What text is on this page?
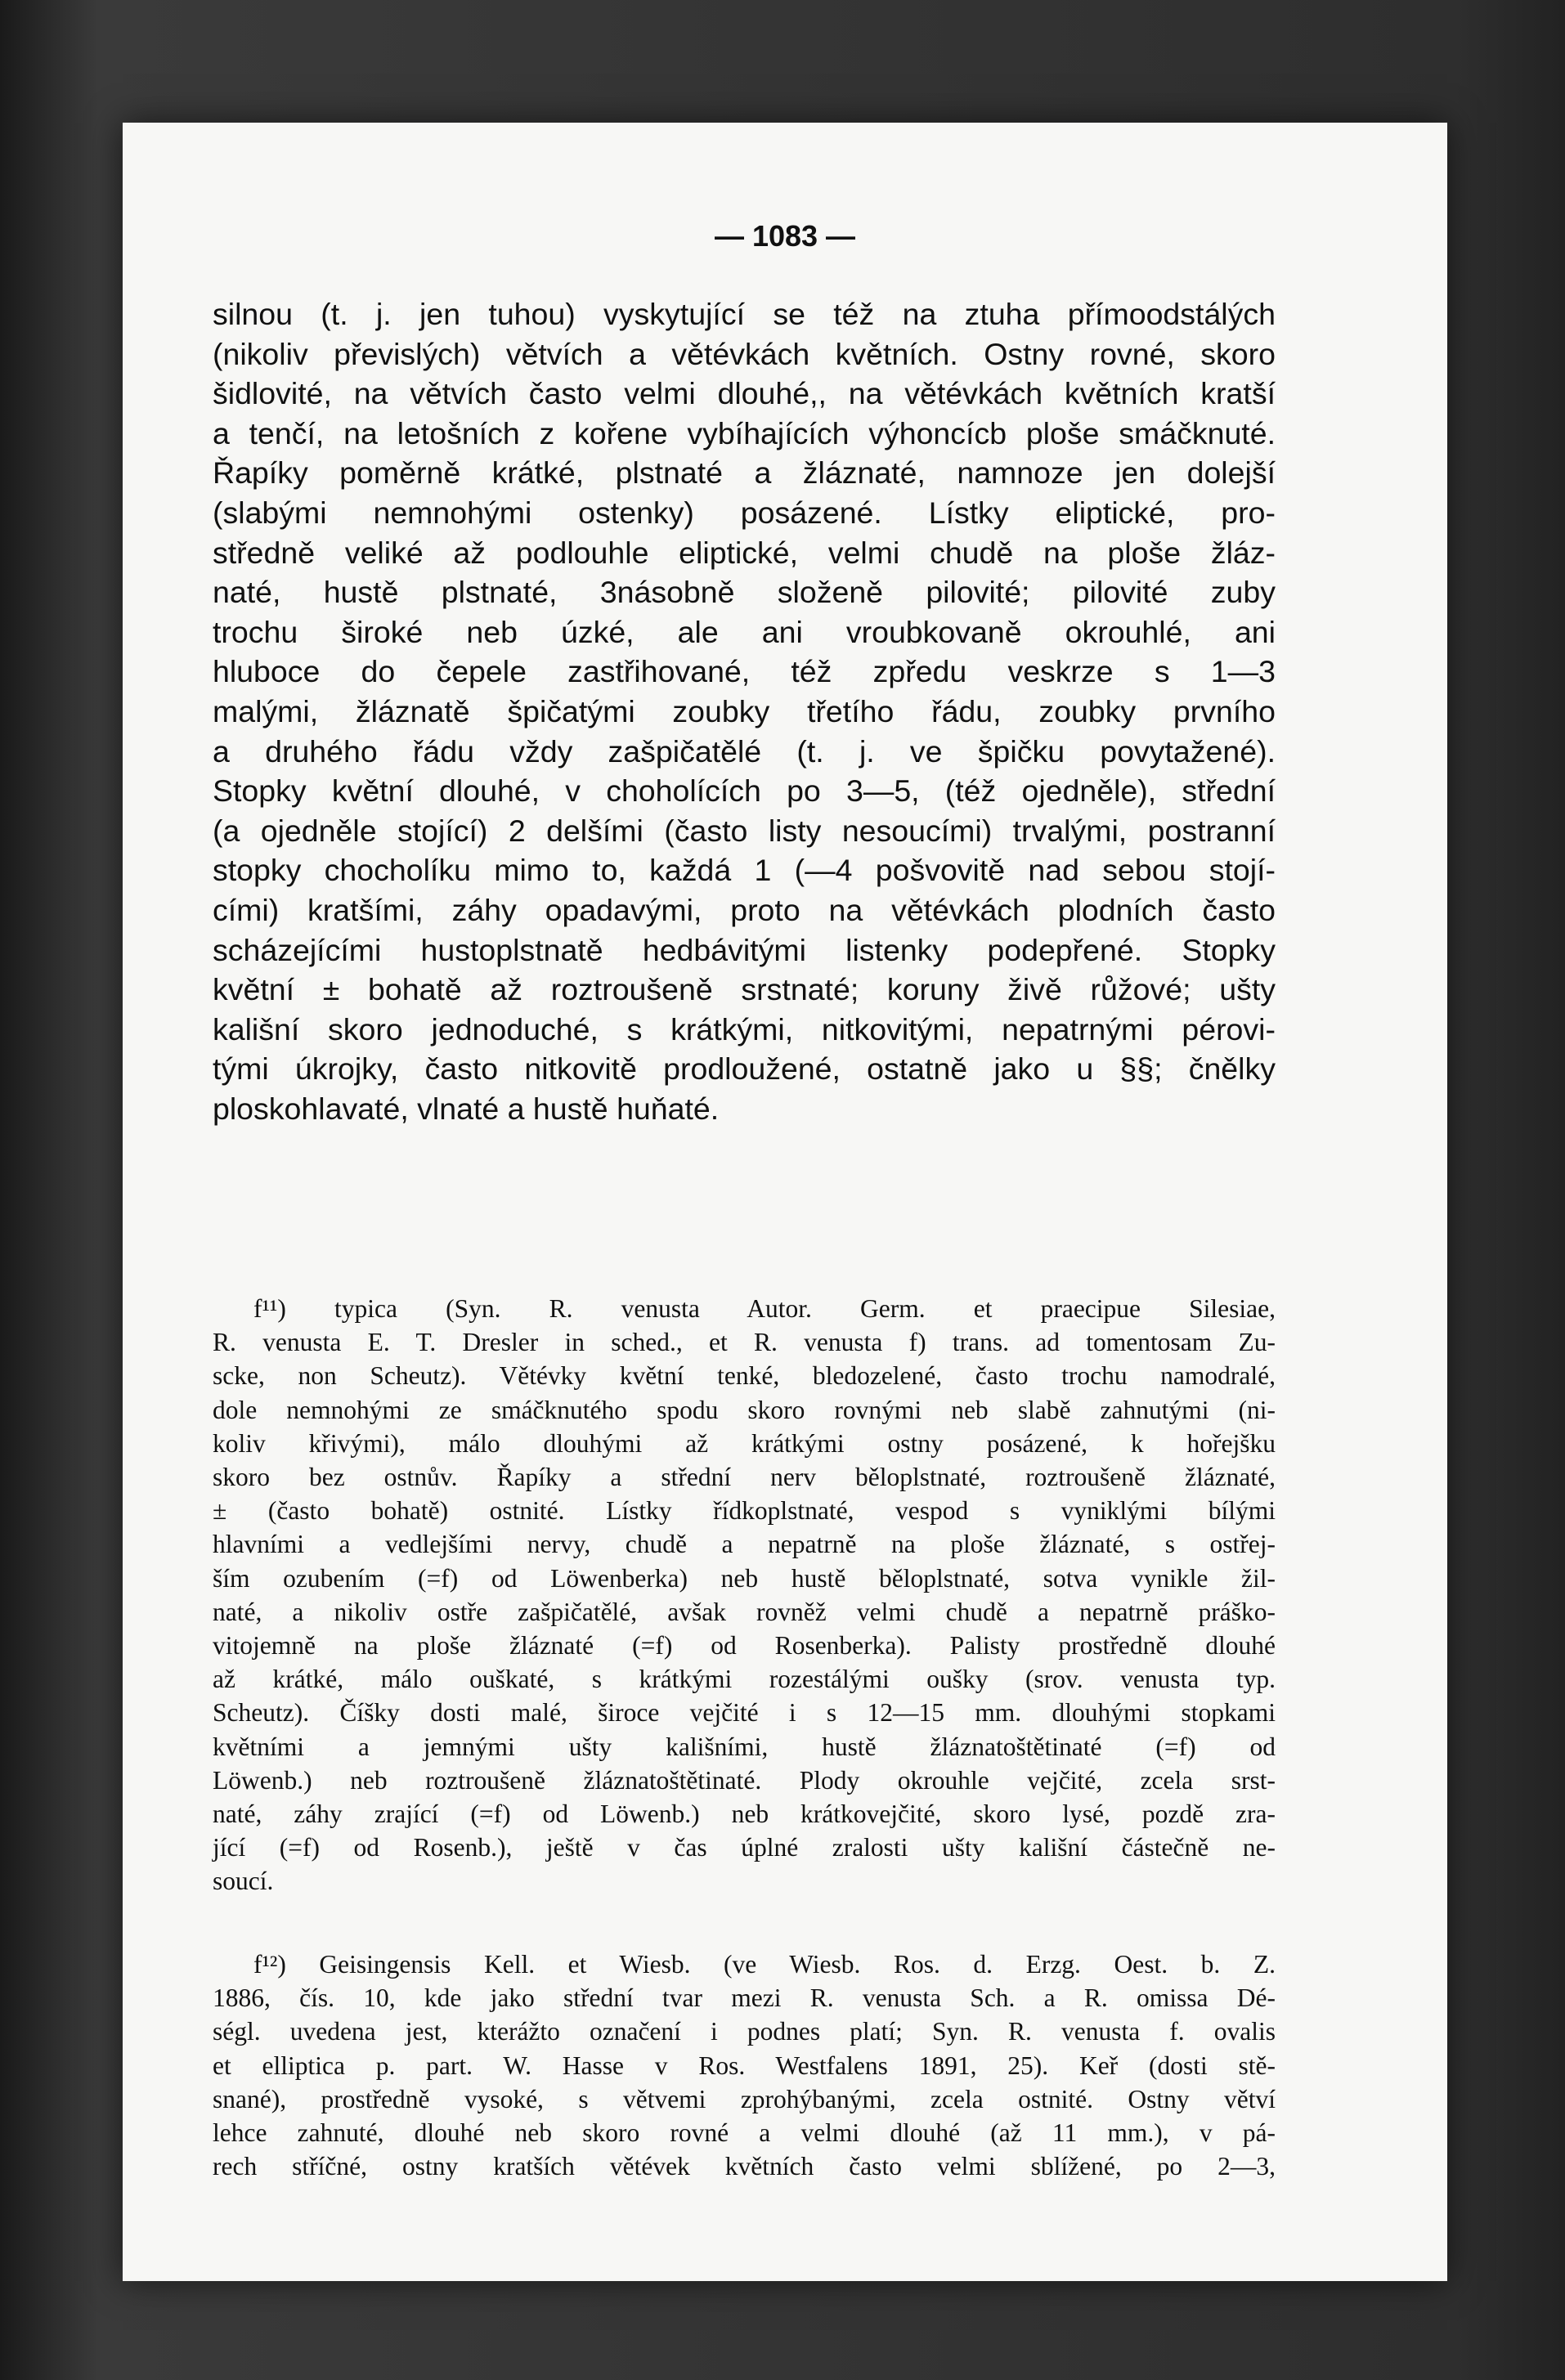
— 1083 —
silnou (t. j. jen tuhou) vyskytující se též na ztuha přímoodstálých
(nikoliv převislých) větvích a větévkách květních. Ostny rovné, skoro
šidlovité, na větvích často velmi dlouhé,, na větévkách květních kratší
a tenčí, na letošních z kořene vybíhajících výhoncícb ploše smáčknuté.
Řapíky poměrně krátké, plstnaté a žláznaté, namnoze jen dolejší
(slabými nemnohými ostenky) posázené. Lístky eliptické, pro-
středně veliké až podlouhle eliptické, velmi chudě na ploše žláz-
naté, hustě plstnaté, 3násobně složeně pilovité; pilovité zuby
trochu široké neb úzké, ale ani vroubkovaně okrouhlé, ani
hluboce do čepele zastřihované, též zpředu veskrze s 1—3
malými, žláznatě špičatými zoubky třetího řádu, zoubky prvního
a druhého řádu vždy zašpičatělé (t. j. ve špičku povytažené).
Stopky květní dlouhé, v choholících po 3—5, (též ojedněle), střední
(a ojedněle stojící) 2 delšími (často listy nesoucími) trvalými, postranní
stopky chocholíku mimo to, každá 1 (—4 pošvovitě nad sebou stojí-
cími) kratšími, záhy opadavými, proto na větévkách plodních často
scházejícími hustoplstnatě hedbávitými listenky podepřené. Stopky
květní ± bohatě až roztroušeně srstnaté; koruny živě růžové; ušty
kališní skoro jednoduché, s krátkými, nitkovitými, nepatrnými pérovi-
tými úkrojky, často nitkovitě prodloužené, ostatně jako u §§; čnělky
ploskohlavaté, vlnaté a hustě huňaté.
f¹¹) typica (Syn. R. venusta Autor. Germ. et praecipue Silesiae,
R. venusta E. T. Dresler in sched., et R. venusta f) trans. ad tomentosam Zu-
scke, non Scheutz). Větévky květní tenké, bledozelené, často trochu namodralé,
dole nemnohými ze smáčknutého spodu skoro rovnými neb slabě zahnutými (ni-
koliv křivými), málo dlouhými až krátkými ostny posázené, k hořejšku
skoro bez ostnův. Řapíky a střední nerv běloplstnaté, roztroušeně žláznaté,
± (často bohatě) ostnité. Lístky řídkoplstnaté, vespod s vyniklými bílými
hlavními a vedlejšími nervy, chudě a nepatrně na ploše žláznaté, s ostřej-
ším ozubením (=f) od Löwenberka) neb hustě běloplstnaté, sotva vynikle žil-
naté, a nikoliv ostře zašpičatělé, avšak rovněž velmi chudě a nepatrně práško-
vitojemně na ploše žláznaté (=f) od Rosenberka). Palisty prostředně dlouhé
až krátké, málo ouškaté, s krátkými rozestálými oušky (srov. venusta typ.
Scheutz). Číšky dosti malé, široce vejčité i s 12—15 mm. dlouhými stopkami
květními a jemnými ušty kališními, hustě žláznatoštětinaté (=f) od
Löwenb.) neb roztroušeně žláznatoštětinaté. Plody okrouhle vejčité, zcela srst-
naté, záhy zrající (=f) od Löwenb.) neb krátkovejčité, skoro lysé, pozdě zra-
jící (=f) od Rosenb.), ještě v čas úplné zralosti ušty kališní částečně ne-
soucí.
f¹²) Geisingensis Kell. et Wiesb. (ve Wiesb. Ros. d. Erzg. Oest. b. Z.
1886, čís. 10, kde jako střední tvar mezi R. venusta Sch. a R. omissa Dé-
ségl. uvedena jest, kterážto označení i podnes platí; Syn. R. venusta f. ovalis
et elliptica p. part. W. Hasse v Ros. Westfalens 1891, 25). Keř (dosti stě-
snané), prostředně vysoké, s větvemi zprohýbanými, zcela ostnité. Ostny větví
lehce zahnuté, dlouhé neb skoro rovné a velmi dlouhé (až 11 mm.), v pá-
rech stříčné, ostny kratších větévek květních často velmi sblížené, po 2—3,
